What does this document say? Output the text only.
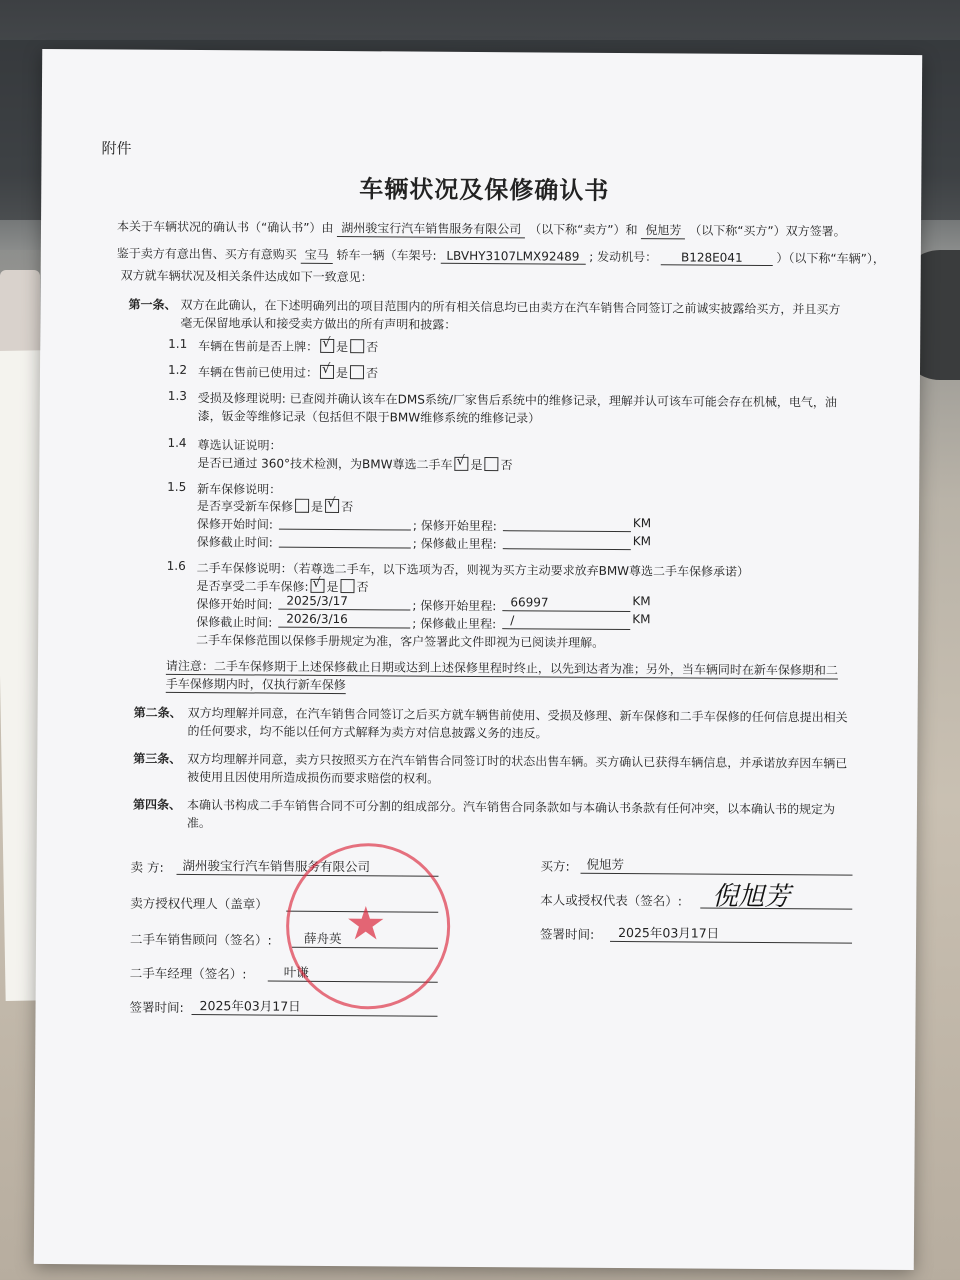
附件
车辆状况及保修确认书
本关于车辆状况的确认书（“确认书”）由 湖州骏宝行汽车销售服务有限公司 （以下称“卖方”）和 倪旭芳 （以下称“买方”）双方签署。
鉴于卖方有意出售、买方有意购买 宝马 轿车一辆（车架号: LBVHY3107LMX92489 ; 发动机号： B128E041	）（以下称“车辆”），
双方就车辆状况及相关条件达成如下一致意见：
第一条、 双方在此确认，在下述明确列出的项目范围内的所有相关信息均已由卖方在汽车销售合同签订之前诚实披露给买方，并且买方
毫无保留地承认和接受卖方做出的所有声明和披露：
1.1 车辆在售前是否上牌： √ 是 否
1.2 车辆在售前已使用过： √ 是 否
1.3 受损及修理说明: 已查阅并确认该车在DMS系统/厂家售后系统中的维修记录，理解并认可该车可能会存在机械，电气，油
漆，钣金等维修记录（包括但不限于BMW维修系统的维修记录）
1.4 尊选认证说明：
是否已通过 360°技术检测，为BMW尊选二手车 √ 是 否
1.5 新车保修说明：
是否享受新车保修 是 √ 否
保修开始时间:	; 保修开始里程:	KM
保修截止时间:	; 保修截止里程:	KM
1.6 二手车保修说明：（若尊选二手车，以下选项为否，则视为买方主动要求放弃BMW尊选二手车保修承诺）
是否享受二手车保修: √ 是 否
保修开始时间: 2025/3/17	; 保修开始里程: 66997	KM
保修截止时间: 2026/3/16	; 保修截止里程: /	KM
二手车保修范围以保修手册规定为准，客户签署此文件即视为已阅读并理解。
请注意：二手车保修期于上述保修截止日期或达到上述保修里程时终止，以先到达者为准；另外，当车辆同时在新车保修期和二
手车保修期内时，仅执行新车保修
第二条、 双方均理解并同意，在汽车销售合同签订之后买方就车辆售前使用、受损及修理、新车保修和二手车保修的任何信息提出相关
的任何要求，均不能以任何方式解释为卖方对信息披露义务的违反。
第三条、 双方均理解并同意，卖方只按照买方在汽车销售合同签订时的状态出售车辆。买方确认已获得车辆信息，并承诺放弃因车辆已
被使用且因使用所造成损伤而要求赔偿的权利。
第四条、 本确认书构成二手车销售合同不可分割的组成部分。汽车销售合同条款如与本确认书条款有任何冲突，以本确认书的规定为
准。
卖 方: 湖州骏宝行汽车销售服务有限公司
卖方授权代理人（盖章）
二手车销售顾问（签名）:	薛舟英
二手车经理（签名）:	叶谦
签署时间: 2025年03月17日
★
买方: 倪旭芳
本人或授权代表（签名）: 倪旭芳
签署时间: 2025年03月17日
